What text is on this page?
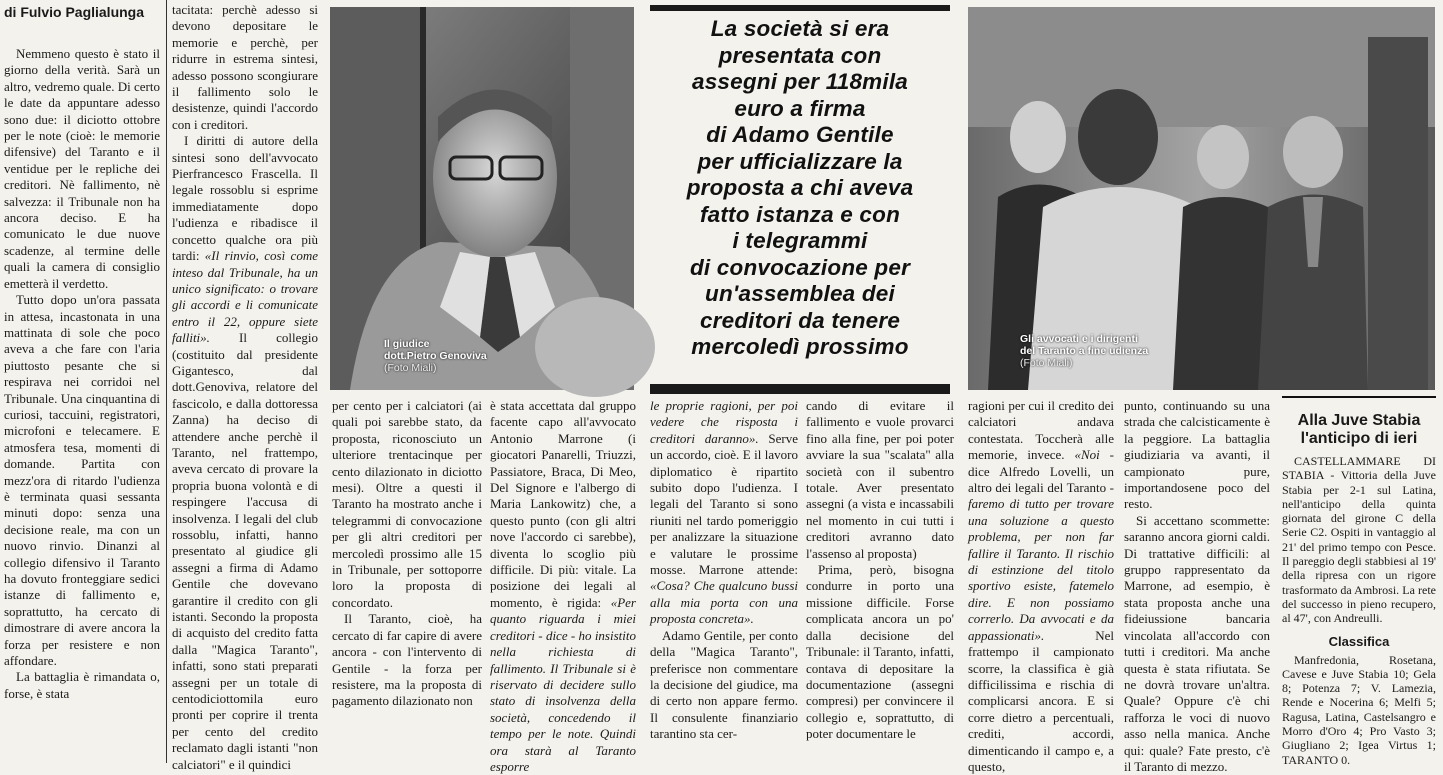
di Fulvio Paglialunga

Nemmeno questo è stato il giorno della verità. Sarà un altro, vedremo quale. Di certo le date da appuntare adesso sono due: il diciotto ottobre per le note (cioè: le memorie difensive) del Taranto e il ventidue per le repliche dei creditori. Nè fallimento, nè salvezza: il Tribunale non ha ancora deciso. E ha comunicato le due nuove scadenze, al termine delle quali la camera di consiglio emetterà il verdetto.

Tutto dopo un'ora passata in attesa, incastonata in una mattinata di sole che poco aveva a che fare con l'aria piuttosto pesante che si respirava nei corridoi nel Tribunale. Una cinquantina di curiosi, taccuini, registratori, microfoni e telecamere. E atmosfera tesa, momenti di domande. Partita con mezz'ora di ritardo l'udienza è terminata quasi sessanta minuti dopo: senza una decisione reale, ma con un nuovo rinvio. Dinanzi al collegio difensivo il Taranto ha dovuto fronteggiare sedici istanze di fallimento e, soprattutto, ha cercato di dimostrare di avere ancora la forza per resistere e non affondare.

La battaglia è rimandata o, forse, è stata

tacitata: perchè adesso si devono depositare le memorie e perchè, per ridurre in estrema sintesi, adesso possono scongiurare il fallimento solo le desistenze, quindi l'accordo con i creditori.

I diritti di autore della sintesi sono dell'avvocato Pierfrancesco Frascella. Il legale rossoblu si esprime immediatamente dopo l'udienza e ribadisce il concetto qualche ora più tardi: «Il rinvio, così come inteso dal Tribunale, ha un unico significato: o trovare gli accordi e li comunicate entro il 22, oppure siete falliti». Il collegio (costituito dal presidente Gigantesco, dal dott.Genoviva, relatore del fascicolo, e dalla dottoressa Zanna) ha deciso di attendere anche perchè il Taranto, nel frattempo, aveva cercato di provare la propria buona volontà e di respingere l'accusa di insolvenza. I legali del club rossoblu, infatti, hanno presentato al giudice gli assegni a firma di Adamo Gentile che dovevano garantire il credito con gli istanti. Secondo la proposta di acquisto del credito fatta dalla "Magica Taranto", infatti, sono stati preparati assegni per un totale di centodiciottomila euro pronti per coprire il trenta per cento del credito reclamato dagli istanti "non calciatori" e il quindici

Il giudice
dott.Pietro Genoviva
(Foto Miali)

per cento per i calciatori (ai quali poi sarebbe stato, da proposta, riconosciuto un ulteriore trentacinque per cento dilazionato in diciotto mesi). Oltre a questi il Taranto ha mostrato anche i telegrammi di convocazione per gli altri creditori per mercoledì prossimo alle 15 in Tribunale, per sottoporre loro la proposta di concordato.

Il Taranto, cioè, ha cercato di far capire di avere ancora - con l'intervento di Gentile - la forza per resistere, ma la proposta di pagamento dilazionato non

è stata accettata dal gruppo facente capo all'avvocato Antonio Marrone (i giocatori Panarelli, Triuzzi, Passiatore, Braca, Di Meo, Del Signore e l'albergo di Maria Lankowitz) che, a questo punto (con gli altri nove l'accordo ci sarebbe), diventa lo scoglio più difficile. Di più: vitale. La posizione dei legali al momento, è rigida: «Per quanto riguarda i miei creditori - dice - ho insistito nella richiesta di fallimento. Il Tribunale si è riservato di decidere sullo stato di insolvenza della società, concedendo il tempo per le note. Quindi ora starà al Taranto esporre

La società si era
presentata con
assegni per 118mila
euro a firma
di Adamo Gentile
per ufficializzare la
proposta a chi aveva
fatto istanza e con
i telegrammi
di convocazione per
un'assemblea dei
creditori da tenere
mercoledì prossimo

le proprie ragioni, per poi vedere che risposta i creditori daranno». Serve un accordo, cioè. E il lavoro diplomatico è ripartito subito dopo l'udienza. I legali del Taranto si sono riuniti nel tardo pomeriggio per analizzare la situazione e valutare le prossime mosse. Marrone attende: «Cosa? Che qualcuno bussi alla mia porta con una proposta concreta».

Adamo Gentile, per conto della "Magica Taranto", preferisce non commentare la decisione del giudice, ma di certo non appare fermo. Il consulente finanziario tarantino sta cer-

cando di evitare il fallimento e vuole provarci fino alla fine, per poi poter avviare la sua "scalata" alla società con il subentro totale. Aver presentato assegni (a vista e incassabili nel momento in cui tutti i creditori avranno dato l'assenso al proposta)

Prima, però, bisogna condurre in porto una missione difficile. Forse complicata ancora un po' dalla decisione del Tribunale: il Taranto, infatti, contava di depositare la documentazione (assegni compresi) per convincere il collegio e, soprattutto, di poter documentare le

Gli avvocati e i dirigenti
del Taranto a fine udienza
(Foto Miali)

ragioni per cui il credito dei calciatori andava contestata. Toccherà alle memorie, invece. «Noi - dice Alfredo Lovelli, un altro dei legali del Taranto - faremo di tutto per trovare una soluzione a questo problema, per non far fallire il Taranto. Il rischio di estinzione del titolo sportivo esiste, fatemelo dire. E non possiamo correrlo. Da avvocati e da appassionati». Nel frattempo il campionato scorre, la classifica è già difficilissima e rischia di complicarsi ancora. E si corre dietro a percentuali, crediti, accordi, dimenticando il campo e, a questo,

punto, continuando su una strada che calcisticamente è la peggiore. La battaglia giudiziaria va avanti, il campionato pure, importandosene poco del resto.

Si accettano scommette: saranno ancora giorni caldi. Di trattative difficili: al gruppo rappresentato da Marrone, ad esempio, è stata proposta anche una fideiussione bancaria vincolata all'accordo con tutti i creditori. Ma anche questa è stata rifiutata. Se ne dovrà trovare un'altra. Quale? Oppure c'è chi rafforza le voci di nuovo asso nella manica. Anche qui: quale? Fate presto, c'è il Taranto di mezzo.

Alla Juve Stabia
l'anticipo di ieri

CASTELLAMMARE DI STABIA - Vittoria della Juve Stabia per 2-1 sul Latina, nell'anticipo della quinta giornata del girone C della Serie C2. Ospiti in vantaggio al 21' del primo tempo con Pesce. Il pareggio degli stabbiesi al 19' della ripresa con un rigore trasformato da Ambrosi. La rete del successo in pieno recupero, al 47', con Andreulli.

Classifica

Manfredonia, Rosetana, Cavese e Juve Stabia 10; Gela 8; Potenza 7; V. Lamezia, Rende e Nocerina 6; Melfi 5; Ragusa, Latina, Castelsangro e Morro d'Oro 4; Pro Vasto 3; Giugliano 2; Igea Virtus 1; TARANTO 0.
